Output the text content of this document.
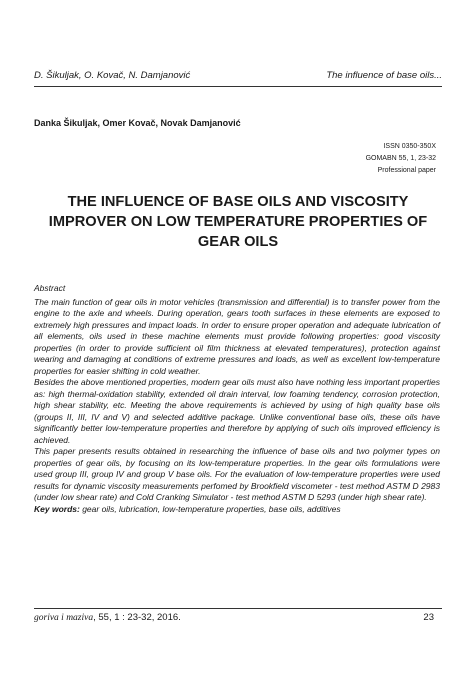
D. Šikuljak, O. Kovač, N. Damjanović	The influence of base oils...
Danka Šikuljak, Omer Kovač, Novak Damjanović
ISSN 0350-350X
GOMABN 55, 1, 23-32
Professional paper
THE INFLUENCE OF BASE OILS AND VISCOSITY IMPROVER ON LOW TEMPERATURE PROPERTIES OF GEAR OILS

Abstract

The main function of gear oils in motor vehicles (transmission and differential) is to transfer power from the engine to the axle and wheels. During operation, gears tooth surfaces in these elements are exposed to extremely high pressures and impact loads. In order to ensure proper operation and adequate lubrication of all elements, oils used in these machine elements must provide following properties: good viscosity properties (in order to provide sufficient oil film thickness at elevated temperatures), protection against wearing and damaging at conditions of extreme pressures and loads, as well as excellent low-temperature properties for easier shifting in cold weather.

Besides the above mentioned properties, modern gear oils must also have nothing less important properties as: high thermal-oxidation stability, extended oil drain interval, low foaming tendency, corrosion protection, high shear stability, etc. Meeting the above requirements is achieved by using of high quality base oils (groups II, III, IV and V) and selected additive package. Unlike conventional base oils, these oils have significantly better low-temperature properties and therefore by applying of such oils improved efficiency is achieved.

This paper presents results obtained in researching the influence of base oils and two polymer types on properties of gear oils, by focusing on its low-temperature properties. In the gear oils formulations were used group III, group IV and group V base oils. For the evaluation of low-temperature properties were used results for dynamic viscosity measurements perfomed by Brookfield viscometer - test method ASTM D 2983 (under low shear rate) and Cold Cranking Simulator - test method ASTM D 5293 (under high shear rate).

Key words: gear oils, lubrication, low-temperature properties, base oils, additives

goriva i maziva, 55, 1 : 23-32, 2016.	23
